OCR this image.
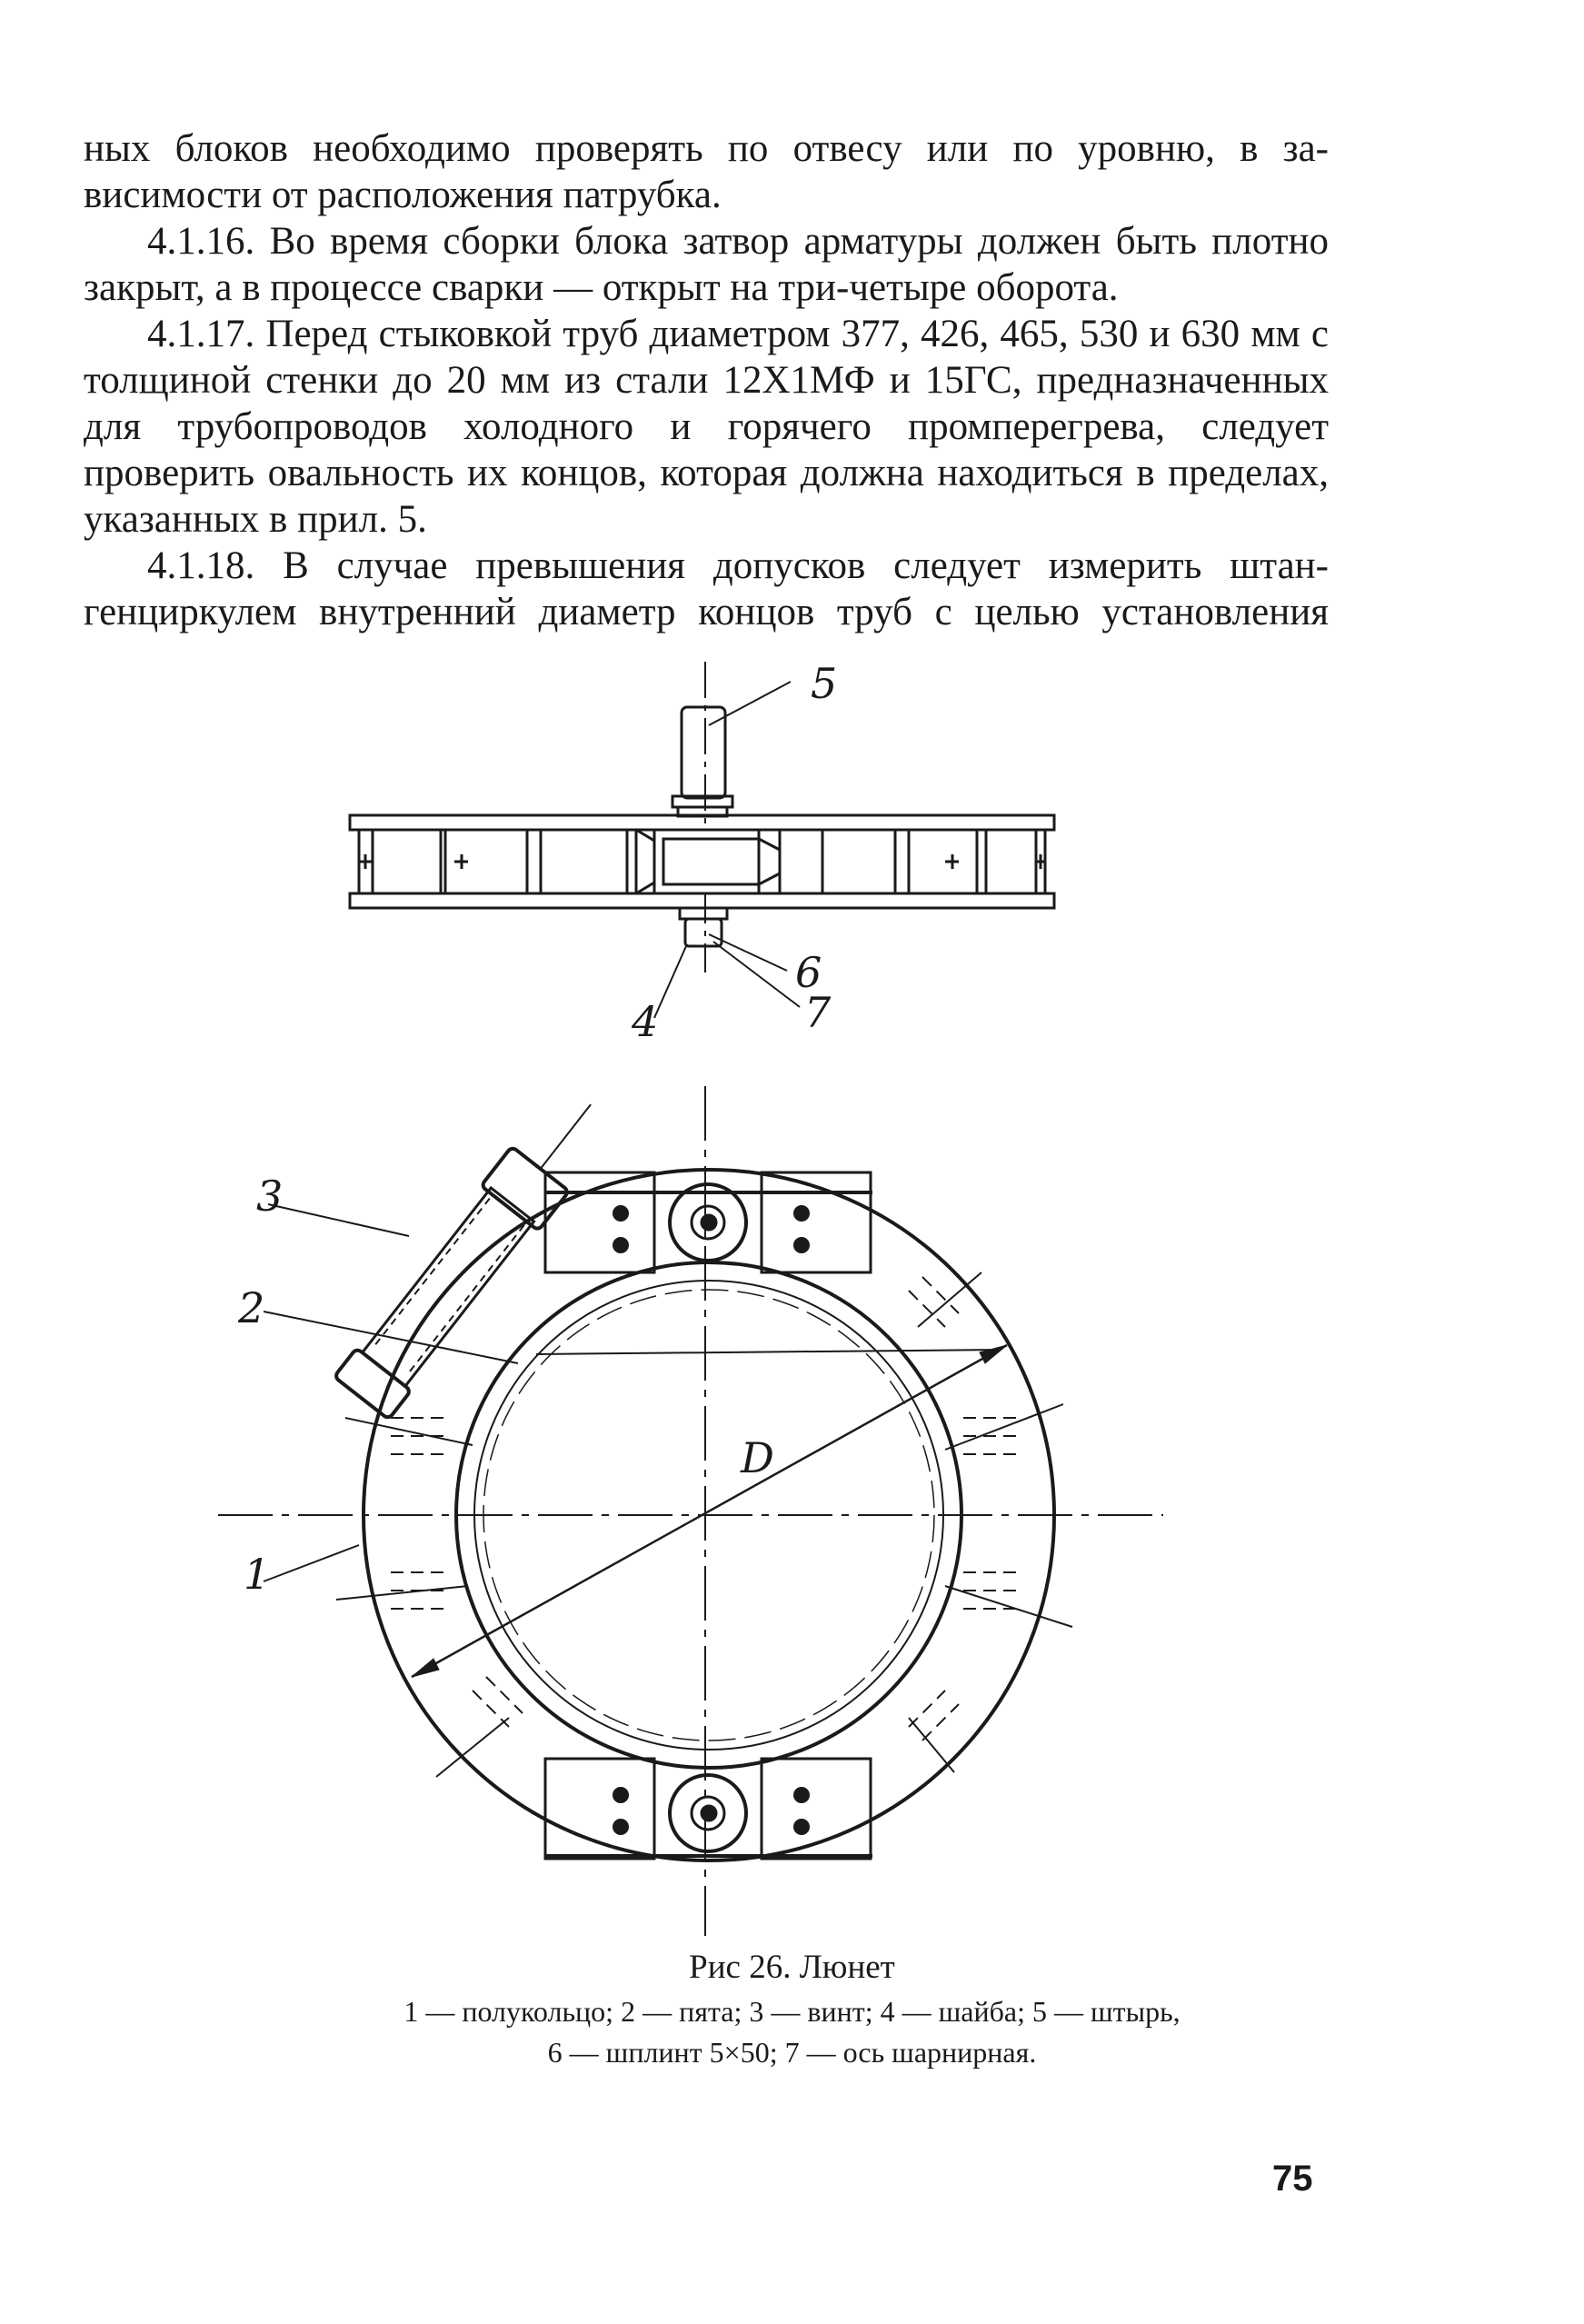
ных блоков необходимо проверять по отвесу или по уровню, в за-

висимости от расположения патрубка.

4.1.16. Во время сборки блока затвор арматуры должен быть плотно закрыт, а в процессе сварки — открыт на три-четыре оборота.

4.1.17. Перед стыковкой труб диаметром 377, 426, 465, 530 и 630 мм с толщиной стенки до 20 мм из стали 12Х1МФ и 15ГС, предназначенных для трубопроводов холодного и горячего промперегрева, следует проверить овальность их концов, которая должна находиться в пределах, указанных в прил. 5.

4.1.18. В случае превышения допусков следует измерить штан-

генциркулем внутренний диаметр концов труб с целью установления

5
6
7
4
3
2
1
D
Рис 26. Люнет
1 — полукольцо; 2 — пята; 3 — винт; 4 — шайба; 5 — штырь,
6 — шплинт 5×50; 7 — ось шарнирная.
75
